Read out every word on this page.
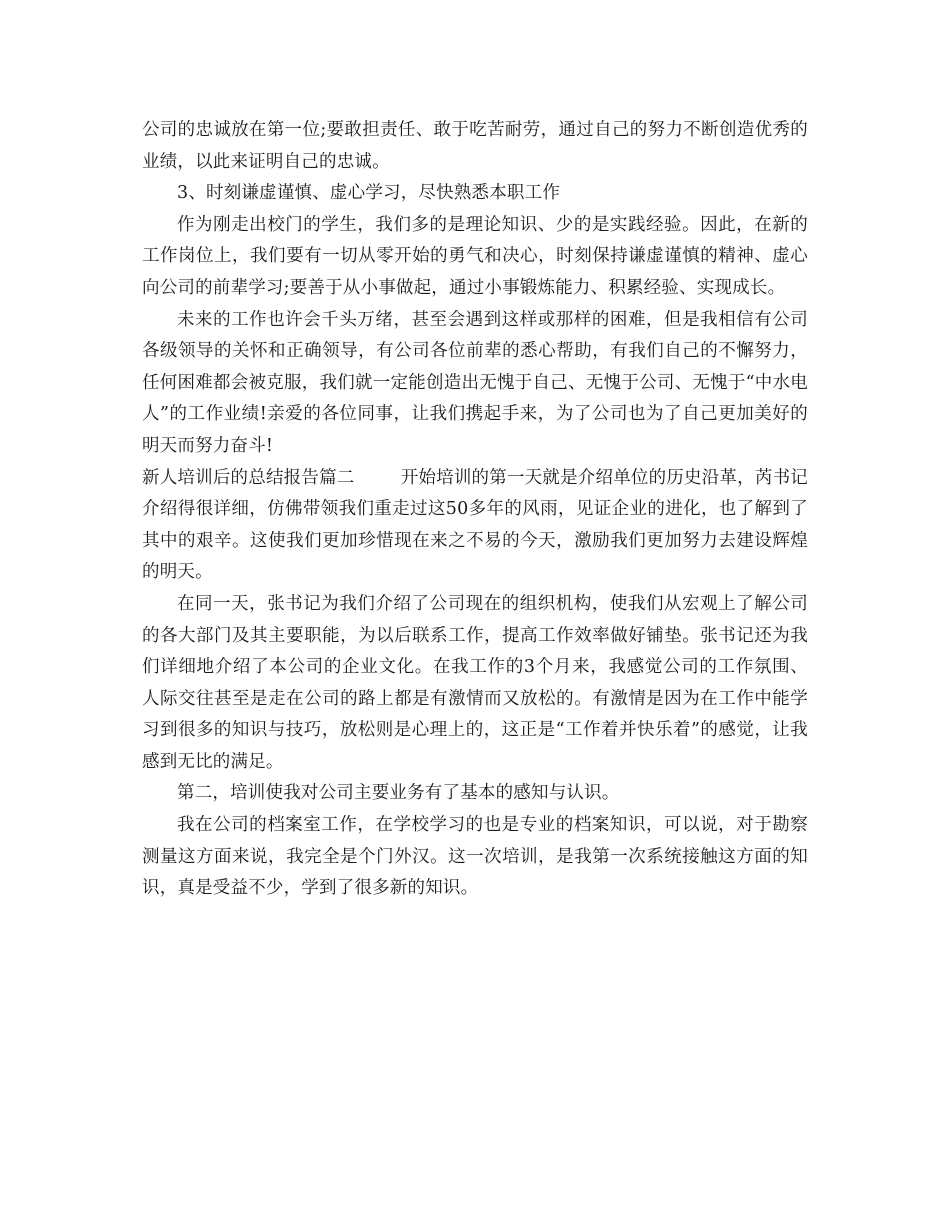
公司的忠诚放在第一位;要敢担责任、敢于吃苦耐劳，通过自己的努力不断创造优秀的业绩，以此来证明自己的忠诚。

3、时刻谦虚谨慎、虚心学习，尽快熟悉本职工作

作为刚走出校门的学生，我们多的是理论知识、少的是实践经验。因此，在新的工作岗位上，我们要有一切从零开始的勇气和决心，时刻保持谦虚谨慎的精神、虚心向公司的前辈学习;要善于从小事做起，通过小事锻炼能力、积累经验、实现成长。

未来的工作也许会千头万绪，甚至会遇到这样或那样的困难，但是我相信有公司各级领导的关怀和正确领导，有公司各位前辈的悉心帮助，有我们自己的不懈努力，任何困难都会被克服，我们就一定能创造出无愧于自己、无愧于公司、无愧于“中水电人”的工作业绩!亲爱的各位同事，让我们携起手来，为了公司也为了自己更加美好的明天而努力奋斗!

新人培训后的总结报告篇二	开始培训的第一天就是介绍单位的历史沿革，芮书记介绍得很详细，仿佛带领我们重走过这50多年的风雨，见证企业的进化，也了解到了其中的艰辛。这使我们更加珍惜现在来之不易的今天，激励我们更加努力去建设辉煌的明天。

在同一天，张书记为我们介绍了公司现在的组织机构，使我们从宏观上了解公司的各大部门及其主要职能，为以后联系工作，提高工作效率做好铺垫。张书记还为我们详细地介绍了本公司的企业文化。在我工作的3个月来，我感觉公司的工作氛围、人际交往甚至是走在公司的路上都是有激情而又放松的。有激情是因为在工作中能学习到很多的知识与技巧，放松则是心理上的，这正是“工作着并快乐着”的感觉，让我感到无比的满足。

第二，培训使我对公司主要业务有了基本的感知与认识。

我在公司的档案室工作，在学校学习的也是专业的档案知识，可以说，对于勘察测量这方面来说，我完全是个门外汉。这一次培训，是我第一次系统接触这方面的知识，真是受益不少，学到了很多新的知识。
